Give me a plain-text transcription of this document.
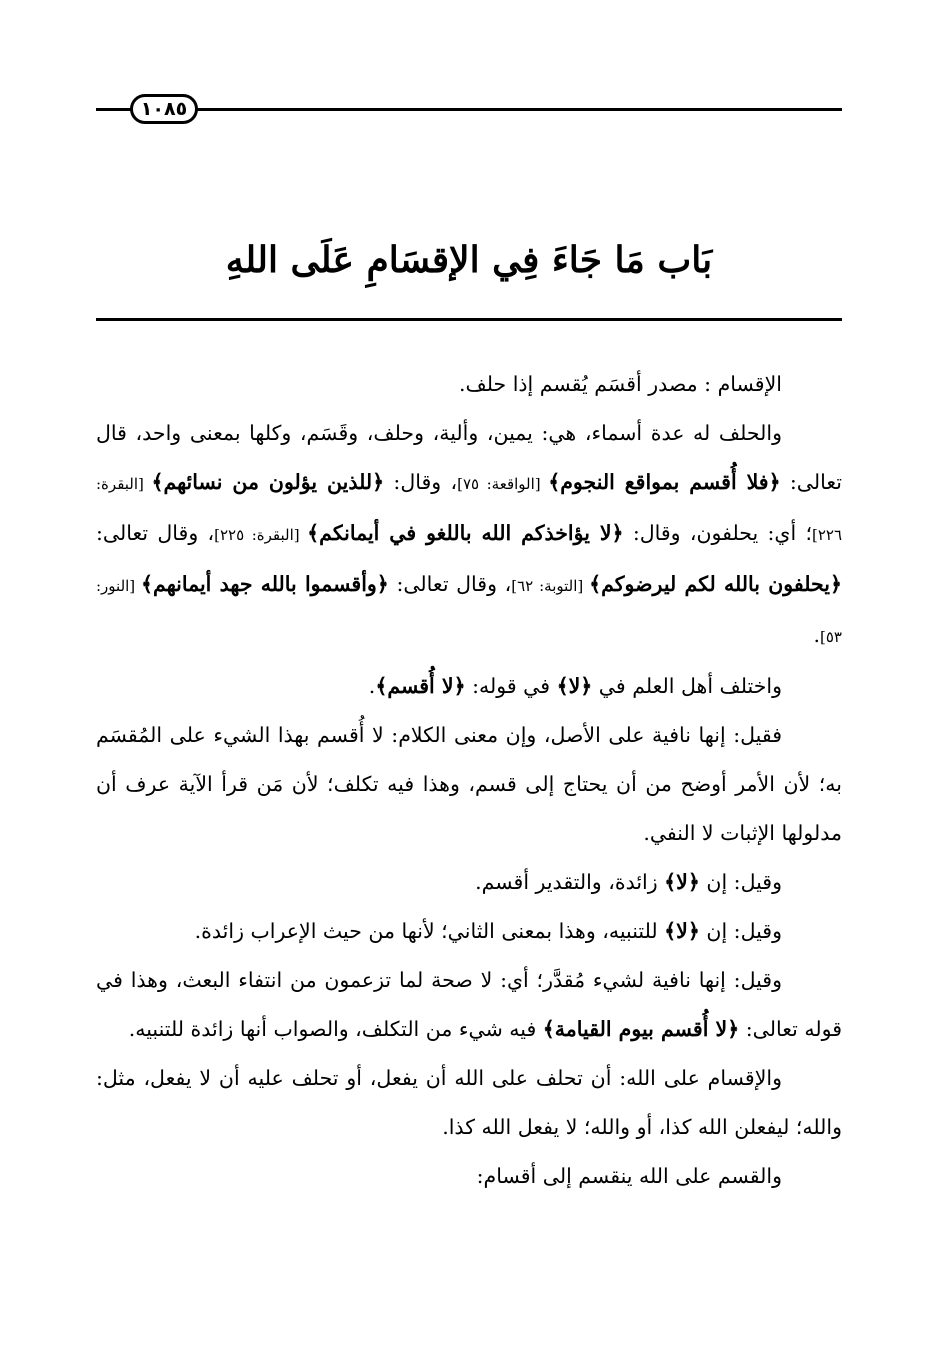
١٠٨٥
بَاب مَا جَاءَ فِي الإقسَامِ عَلَى اللهِ

الإقسام : مصدر أقسَم يُقسم إذا حلف.

والحلف له عدة أسماء، هي: يمين، وألية، وحلف، وقَسَم، وكلها بمعنى واحد، قال تعالى: ﴿فلا أُقسم بمواقع النجوم﴾ [الواقعة: ٧٥]، وقال: ﴿للذين يؤلون من نسائهم﴾ [البقرة: ٢٢٦]؛ أي: يحلفون، وقال: ﴿لا يؤاخذكم الله باللغو في أيمانكم﴾ [البقرة: ٢٢٥]، وقال تعالى: ﴿يحلفون بالله لكم ليرضوكم﴾ [التوبة: ٦٢]، وقال تعالى: ﴿وأقسموا بالله جهد أيمانهم﴾ [النور: ٥٣].

واختلف أهل العلم في ﴿لا﴾ في قوله: ﴿لا أُقسم﴾.

فقيل: إنها نافية على الأصل، وإن معنى الكلام: لا أُقسم بهذا الشيء على المُقسَم به؛ لأن الأمر أوضح من أن يحتاج إلى قسم، وهذا فيه تكلف؛ لأن مَن قرأ الآية عرف أن مدلولها الإثبات لا النفي.

وقيل: إن ﴿لا﴾ زائدة، والتقدير أقسم.

وقيل: إن ﴿لا﴾ للتنبيه، وهذا بمعنى الثاني؛ لأنها من حيث الإعراب زائدة.

وقيل: إنها نافية لشيء مُقدَّر؛ أي: لا صحة لما تزعمون من انتفاء البعث، وهذا في قوله تعالى: ﴿لا أُقسم بيوم القيامة﴾ فيه شيء من التكلف، والصواب أنها زائدة للتنبيه.

والإقسام على الله: أن تحلف على الله أن يفعل، أو تحلف عليه أن لا يفعل، مثل: والله؛ ليفعلن الله كذا، أو والله؛ لا يفعل الله كذا.

والقسم على الله ينقسم إلى أقسام:
